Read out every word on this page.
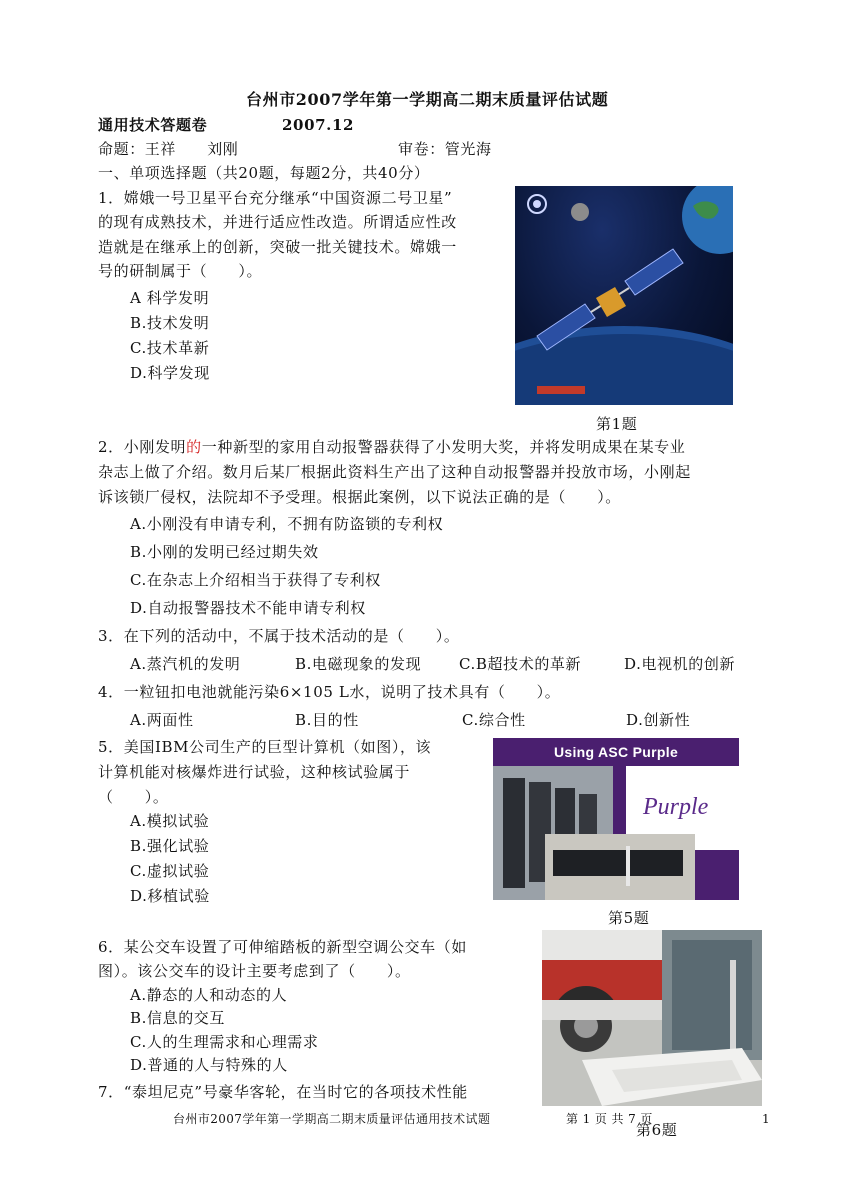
台州市2007学年第一学期高二期末质量评估试题
通用技术答题卷	2007.12
命题：王祥　　刘刚	审卷：管光海
一、单项选择题（共20题，每题2分，共40分）
1．嫦娥一号卫星平台充分继承“中国资源二号卫星”
的现有成熟技术，并进行适应性改造。所谓适应性改
造就是在继承上的创新，突破一批关键技术。嫦娥一
号的研制属于（　　）。
A 科学发明
B.技术发明
C.技术革新
D.科学发现
第1题
2．小刚发明的一种新型的家用自动报警器获得了小发明大奖，并将发明成果在某专业
杂志上做了介绍。数月后某厂根据此资料生产出了这种自动报警器并投放市场，小刚起
诉该锁厂侵权，法院却不予受理。根据此案例，以下说法正确的是（　　）。
A.小刚没有申请专利，不拥有防盗锁的专利权
B.小刚的发明已经过期失效
C.在杂志上介绍相当于获得了专利权
D.自动报警器技术不能申请专利权
3．在下列的活动中，不属于技术活动的是（　　）。
A.蒸汽机的发明	B.电磁现象的发现	C.B超技术的革新	D.电视机的创新
4．一粒钮扣电池就能污染6×105 L水，说明了技术具有（　　）。
A.两面性	B.目的性	C.综合性	D.创新性
5．美国IBM公司生产的巨型计算机（如图），该
计算机能对核爆炸进行试验，这种核试验属于
（　　）。
A.模拟试验
B.强化试验
C.虚拟试验
D.移植试验
Using ASC Purple
Purple
第5题
6．某公交车设置了可伸缩踏板的新型空调公交车（如
图）。该公交车的设计主要考虑到了（　　）。
A.静态的人和动态的人
B.信息的交互
C.人的生理需求和心理需求
D.普通的人与特殊的人
7．“泰坦尼克”号豪华客轮，在当时它的各项技术性能
台州市2007学年第一学期高二期末质量评估通用技术试题	第 1 页 共 7 页	1
第6题
